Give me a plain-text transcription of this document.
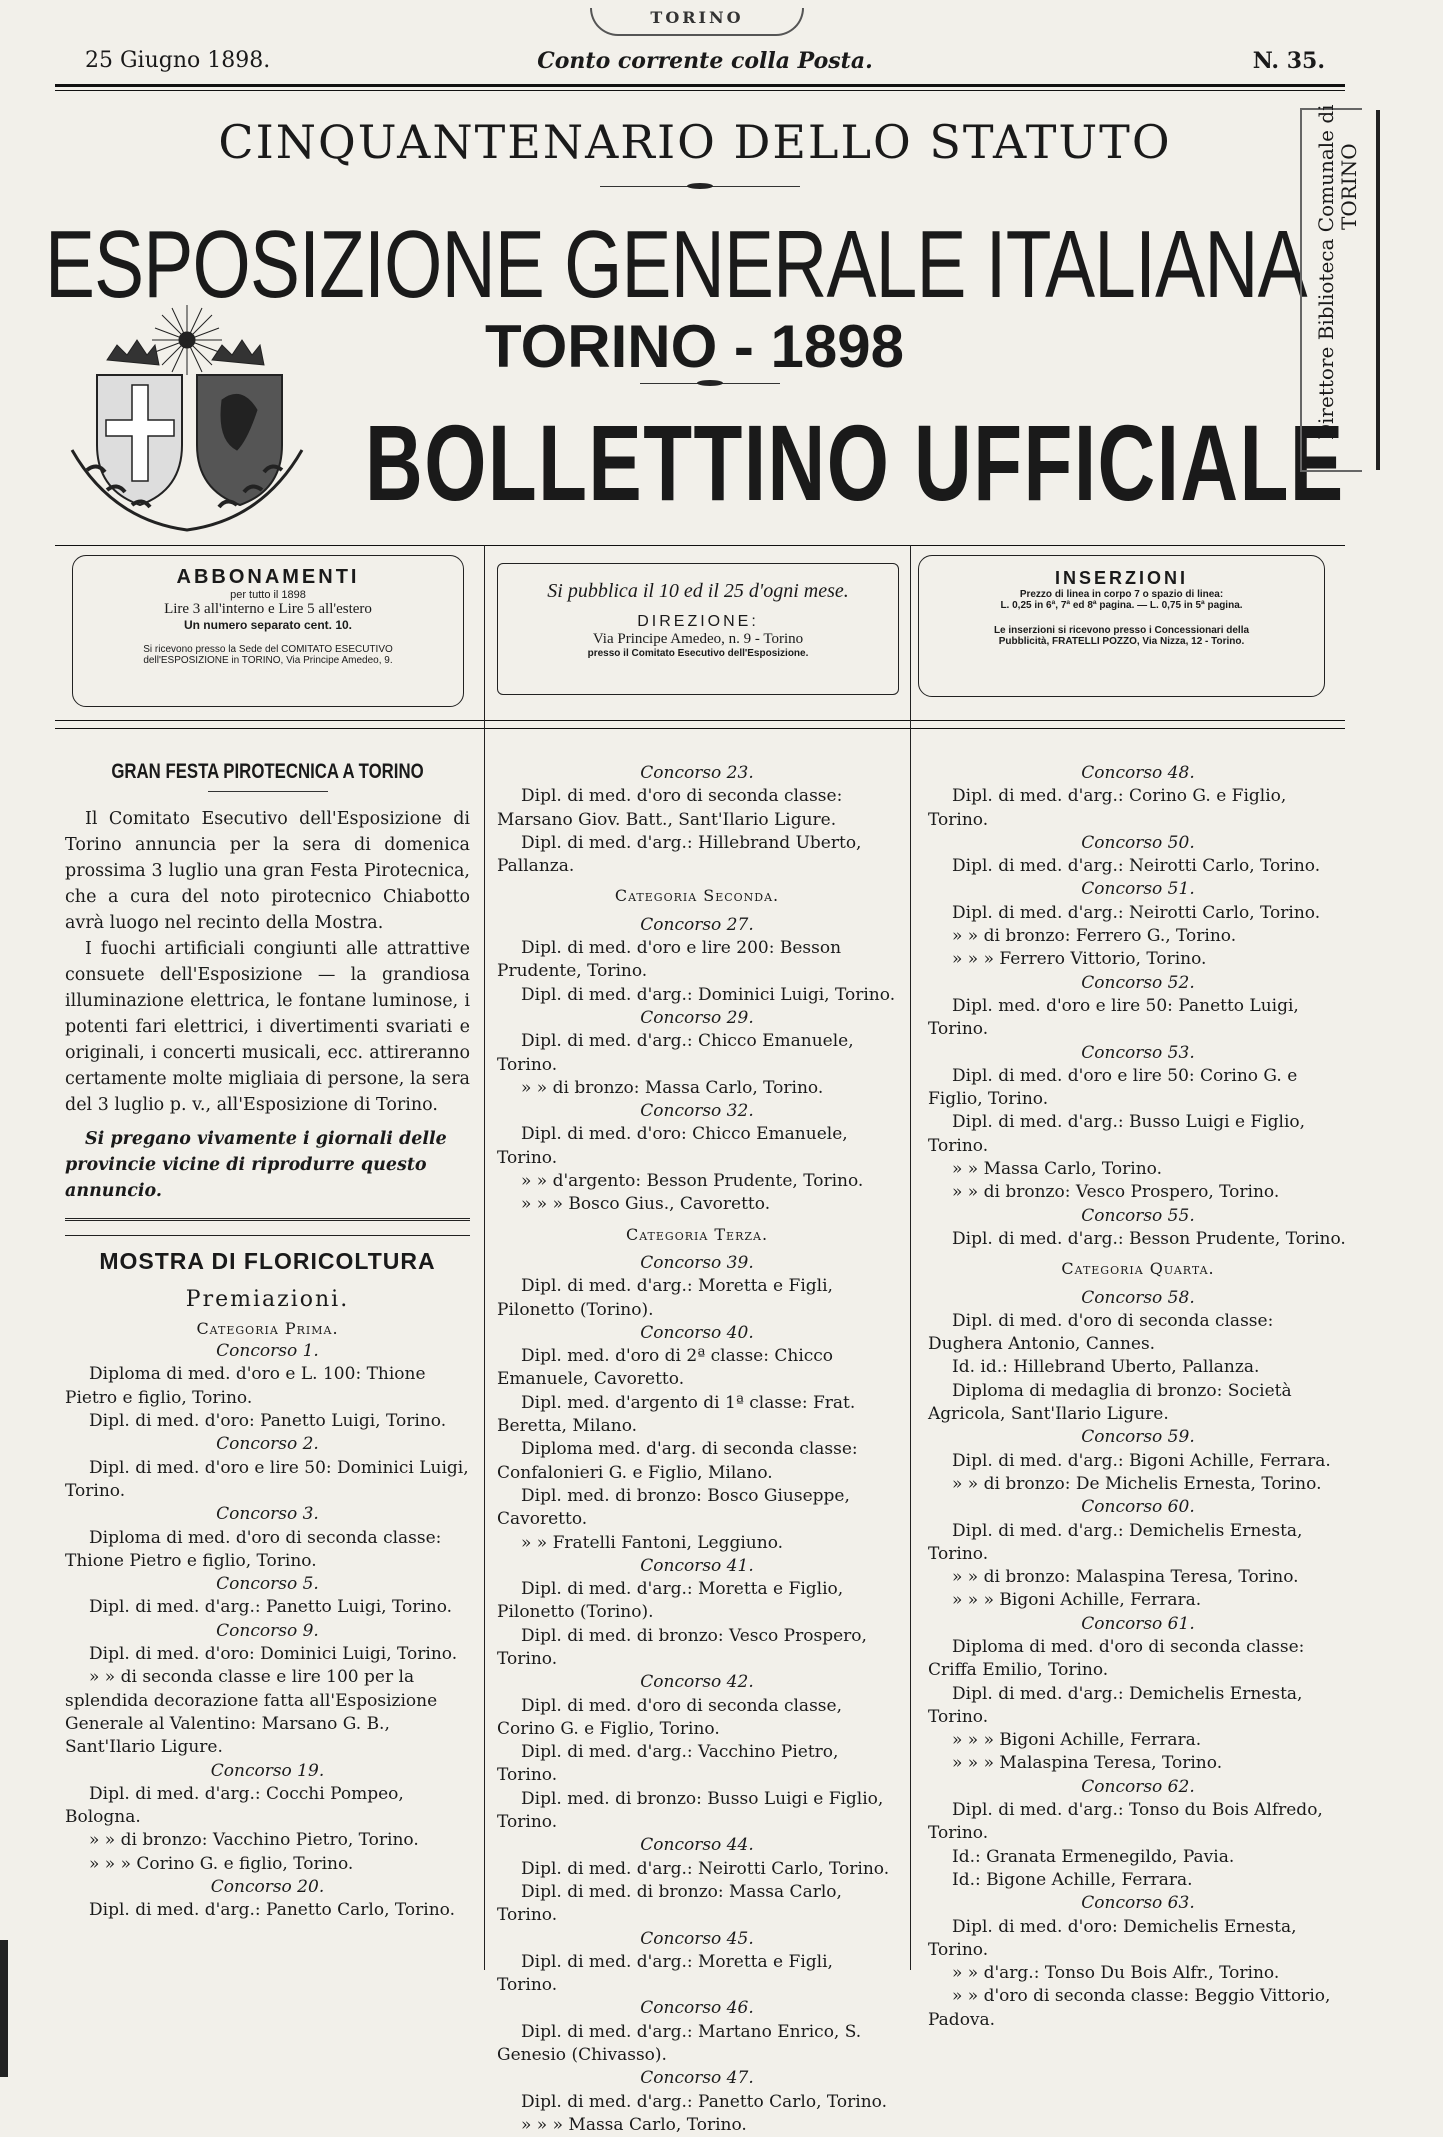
TORINO
25 Giugno 1898.	Conto corrente colla Posta.	N. 35.
CINQUANTENARIO DELLO STATUTO
ESPOSIZIONE GENERALE ITALIANA
TORINO - 1898
BOLLETTINO UFFICIALE
Direttore Biblioteca Comunale di TORINO
ABBONAMENTI
per tutto il 1898
Lire 3 all'interno e Lire 5 all'estero
Un numero separato cent. 10.
Si ricevono presso la Sede del COMITATO ESECUTIVO
dell'ESPOSIZIONE in TORINO, Via Principe Amedeo, 9.
Si pubblica il 10 ed il 25 d'ogni mese.
DIREZIONE:
Via Principe Amedeo, n. 9 - Torino
presso il Comitato Esecutivo dell'Esposizione.
INSERZIONI
Prezzo di linea in corpo 7 o spazio di linea:
L. 0,25 in 6ª, 7ª ed 8ª pagina. — L. 0,75 in 5ª pagina.
Le inserzioni si ricevono presso i Concessionari della
Pubblicità, FRATELLI POZZO, Via Nizza, 12 - Torino.
GRAN FESTA PIROTECNICA A TORINO

Il Comitato Esecutivo dell'Esposizione di Torino annuncia per la sera di domenica prossima 3 luglio una gran Festa Pirotecnica, che a cura del noto pirotecnico Chiabotto avrà luogo nel recinto della Mostra.

I fuochi artificiali congiunti alle attrattive consuete dell'Esposizione — la grandiosa illuminazione elettrica, le fontane luminose, i potenti fari elettrici, i divertimenti svariati e originali, i concerti musicali, ecc. attireranno certamente molte migliaia di persone, la sera del 3 luglio p. v., all'Esposizione di Torino.

Si pregano vivamente i giornali delle provincie vicine di riprodurre questo annuncio.

MOSTRA DI FLORICOLTURA
Premiazioni.
Categoria Prima.

Concorso 1.

Diploma di med. d'oro e L. 100: Thione Pietro e figlio, Torino.

Dipl. di med. d'oro: Panetto Luigi, Torino.

Concorso 2.

Dipl. di med. d'oro e lire 50: Dominici Luigi, Torino.

Concorso 3.

Diploma di med. d'oro di seconda classe: Thione Pietro e figlio, Torino.

Concorso 5.

Dipl. di med. d'arg.: Panetto Luigi, Torino.

Concorso 9.

Dipl. di med. d'oro: Dominici Luigi, Torino.

» » di seconda classe e lire 100 per la splendida decorazione fatta all'Esposizione Generale al Valentino: Marsano G. B., Sant'Ilario Ligure.

Concorso 19.

Dipl. di med. d'arg.: Cocchi Pompeo, Bologna.

» » di bronzo: Vacchino Pietro, Torino.

» » » Corino G. e figlio, Torino.

Concorso 20.

Dipl. di med. d'arg.: Panetto Carlo, Torino.

Concorso 23.

Dipl. di med. d'oro di seconda classe: Marsano Giov. Batt., Sant'Ilario Ligure.

Dipl. di med. d'arg.: Hillebrand Uberto, Pallanza.

Categoria Seconda.

Concorso 27.

Dipl. di med. d'oro e lire 200: Besson Prudente, Torino.

Dipl. di med. d'arg.: Dominici Luigi, Torino.

Concorso 29.

Dipl. di med. d'arg.: Chicco Emanuele, Torino.

» » di bronzo: Massa Carlo, Torino.

Concorso 32.

Dipl. di med. d'oro: Chicco Emanuele, Torino.

» » d'argento: Besson Prudente, Torino.

» » » Bosco Gius., Cavoretto.

Categoria Terza.

Concorso 39.

Dipl. di med. d'arg.: Moretta e Figli, Pilonetto (Torino).

Concorso 40.

Dipl. med. d'oro di 2ª classe: Chicco Emanuele, Cavoretto.

Dipl. med. d'argento di 1ª classe: Frat. Beretta, Milano.

Diploma med. d'arg. di seconda classe: Confalonieri G. e Figlio, Milano.

Dipl. med. di bronzo: Bosco Giuseppe, Cavoretto.

» » Fratelli Fantoni, Leggiuno.

Concorso 41.

Dipl. di med. d'arg.: Moretta e Figlio, Pilonetto (Torino).

Dipl. di med. di bronzo: Vesco Prospero, Torino.

Concorso 42.

Dipl. di med. d'oro di seconda classe, Corino G. e Figlio, Torino.

Dipl. di med. d'arg.: Vacchino Pietro, Torino.

Dipl. med. di bronzo: Busso Luigi e Figlio, Torino.

Concorso 44.

Dipl. di med. d'arg.: Neirotti Carlo, Torino.

Dipl. di med. di bronzo: Massa Carlo, Torino.

Concorso 45.

Dipl. di med. d'arg.: Moretta e Figli, Torino.

Concorso 46.

Dipl. di med. d'arg.: Martano Enrico, S. Genesio (Chivasso).

Concorso 47.

Dipl. di med. d'arg.: Panetto Carlo, Torino.

» » » Massa Carlo, Torino.

Concorso 48.

Dipl. di med. d'arg.: Corino G. e Figlio, Torino.

Concorso 50.

Dipl. di med. d'arg.: Neirotti Carlo, Torino.

Concorso 51.

Dipl. di med. d'arg.: Neirotti Carlo, Torino.

» » di bronzo: Ferrero G., Torino.

» » » Ferrero Vittorio, Torino.

Concorso 52.

Dipl. med. d'oro e lire 50: Panetto Luigi, Torino.

Concorso 53.

Dipl. di med. d'oro e lire 50: Corino G. e Figlio, Torino.

Dipl. di med. d'arg.: Busso Luigi e Figlio, Torino.

» » Massa Carlo, Torino.

» » di bronzo: Vesco Prospero, Torino.

Concorso 55.

Dipl. di med. d'arg.: Besson Prudente, Torino.

Categoria Quarta.

Concorso 58.

Dipl. di med. d'oro di seconda classe: Dughera Antonio, Cannes.

Id. id.: Hillebrand Uberto, Pallanza.

Diploma di medaglia di bronzo: Società Agricola, Sant'Ilario Ligure.

Concorso 59.

Dipl. di med. d'arg.: Bigoni Achille, Ferrara.

» » di bronzo: De Michelis Ernesta, Torino.

Concorso 60.

Dipl. di med. d'arg.: Demichelis Ernesta, Torino.

» » di bronzo: Malaspina Teresa, Torino.

» » » Bigoni Achille, Ferrara.

Concorso 61.

Diploma di med. d'oro di seconda classe: Criffa Emilio, Torino.

Dipl. di med. d'arg.: Demichelis Ernesta, Torino.

» » » Bigoni Achille, Ferrara.

» » » Malaspina Teresa, Torino.

Concorso 62.

Dipl. di med. d'arg.: Tonso du Bois Alfredo, Torino.

Id.: Granata Ermenegildo, Pavia.

Id.: Bigone Achille, Ferrara.

Concorso 63.

Dipl. di med. d'oro: Demichelis Ernesta, Torino.

» » d'arg.: Tonso Du Bois Alfr., Torino.

» » d'oro di seconda classe: Beggio Vittorio, Padova.
